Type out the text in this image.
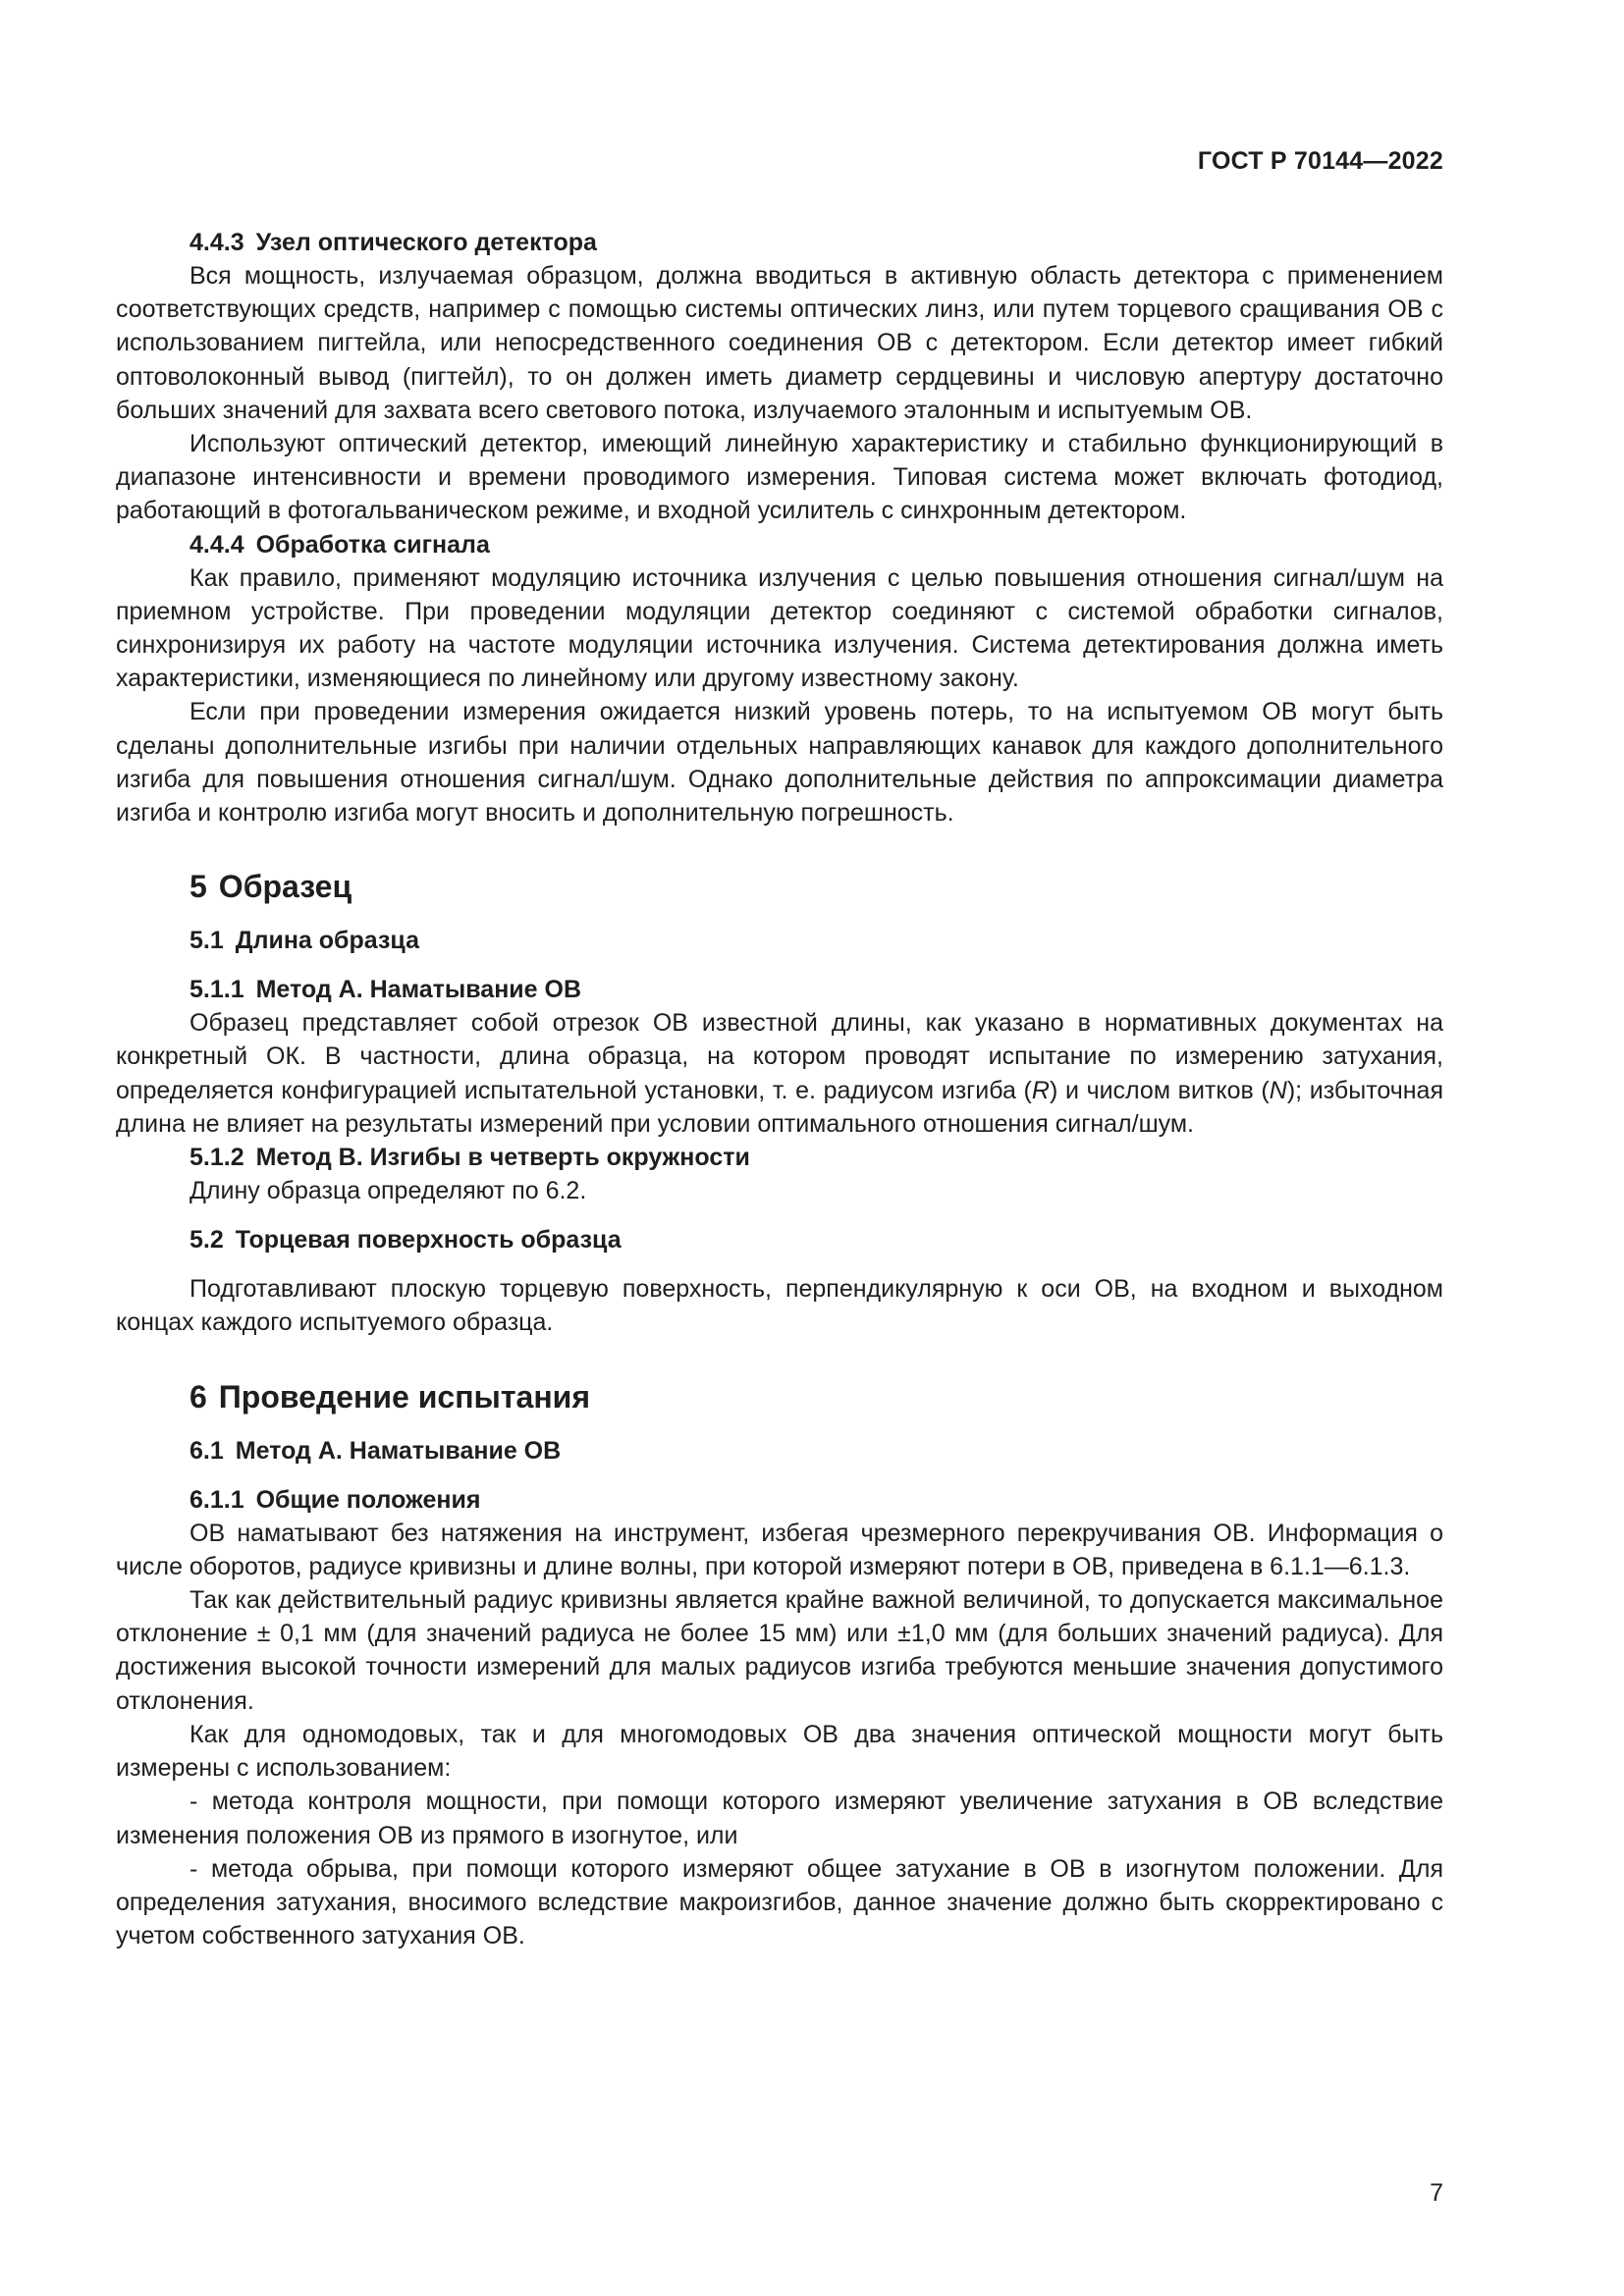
ГОСТ Р 70144—2022
4.4.3 Узел оптического детектора

Вся мощность, излучаемая образцом, должна вводиться в активную область детектора с применением соответствующих средств, например с помощью системы оптических линз, или путем торцевого сращивания ОВ с использованием пигтейла, или непосредственного соединения ОВ с детектором. Если детектор имеет гибкий оптоволоконный вывод (пигтейл), то он должен иметь диаметр сердцевины и числовую апертуру достаточно больших значений для захвата всего светового потока, излучаемого эталонным и испытуемым ОВ.

Используют оптический детектор, имеющий линейную характеристику и стабильно функционирующий в диапазоне интенсивности и времени проводимого измерения. Типовая система может включать фотодиод, работающий в фотогальваническом режиме, и входной усилитель с синхронным детектором.

4.4.4 Обработка сигнала

Как правило, применяют модуляцию источника излучения с целью повышения отношения сигнал/шум на приемном устройстве. При проведении модуляции детектор соединяют с системой обработки сигналов, синхронизируя их работу на частоте модуляции источника излучения. Система детектирования должна иметь характеристики, изменяющиеся по линейному или другому известному закону.

Если при проведении измерения ожидается низкий уровень потерь, то на испытуемом ОВ могут быть сделаны дополнительные изгибы при наличии отдельных направляющих канавок для каждого дополнительного изгиба для повышения отношения сигнал/шум. Однако дополнительные действия по аппроксимации диаметра изгиба и контролю изгиба могут вносить и дополнительную погрешность.

5 Образец
5.1 Длина образца
5.1.1 Метод А. Наматывание ОВ

Образец представляет собой отрезок ОВ известной длины, как указано в нормативных документах на конкретный ОК. В частности, длина образца, на котором проводят испытание по измерению затухания, определяется конфигурацией испытательной установки, т. е. радиусом изгиба (R) и числом витков (N); избыточная длина не влияет на результаты измерений при условии оптимального отношения сигнал/шум.

5.1.2 Метод В. Изгибы в четверть окружности

Длину образца определяют по 6.2.

5.2 Торцевая поверхность образца

Подготавливают плоскую торцевую поверхность, перпендикулярную к оси ОВ, на входном и выходном концах каждого испытуемого образца.

6 Проведение испытания
6.1 Метод А. Наматывание ОВ
6.1.1 Общие положения

ОВ наматывают без натяжения на инструмент, избегая чрезмерного перекручивания ОВ. Информация о числе оборотов, радиусе кривизны и длине волны, при которой измеряют потери в ОВ, приведена в 6.1.1—6.1.3.

Так как действительный радиус кривизны является крайне важной величиной, то допускается максимальное отклонение ± 0,1 мм (для значений радиуса не более 15 мм) или ±1,0 мм (для больших значений радиуса). Для достижения высокой точности измерений для малых радиусов изгиба требуются меньшие значения допустимого отклонения.

Как для одномодовых, так и для многомодовых ОВ два значения оптической мощности могут быть измерены с использованием:

- метода контроля мощности, при помощи которого измеряют увеличение затухания в ОВ вследствие изменения положения ОВ из прямого в изогнутое, или

- метода обрыва, при помощи которого измеряют общее затухание в ОВ в изогнутом положении. Для определения затухания, вносимого вследствие макроизгибов, данное значение должно быть скорректировано с учетом собственного затухания ОВ.

7
